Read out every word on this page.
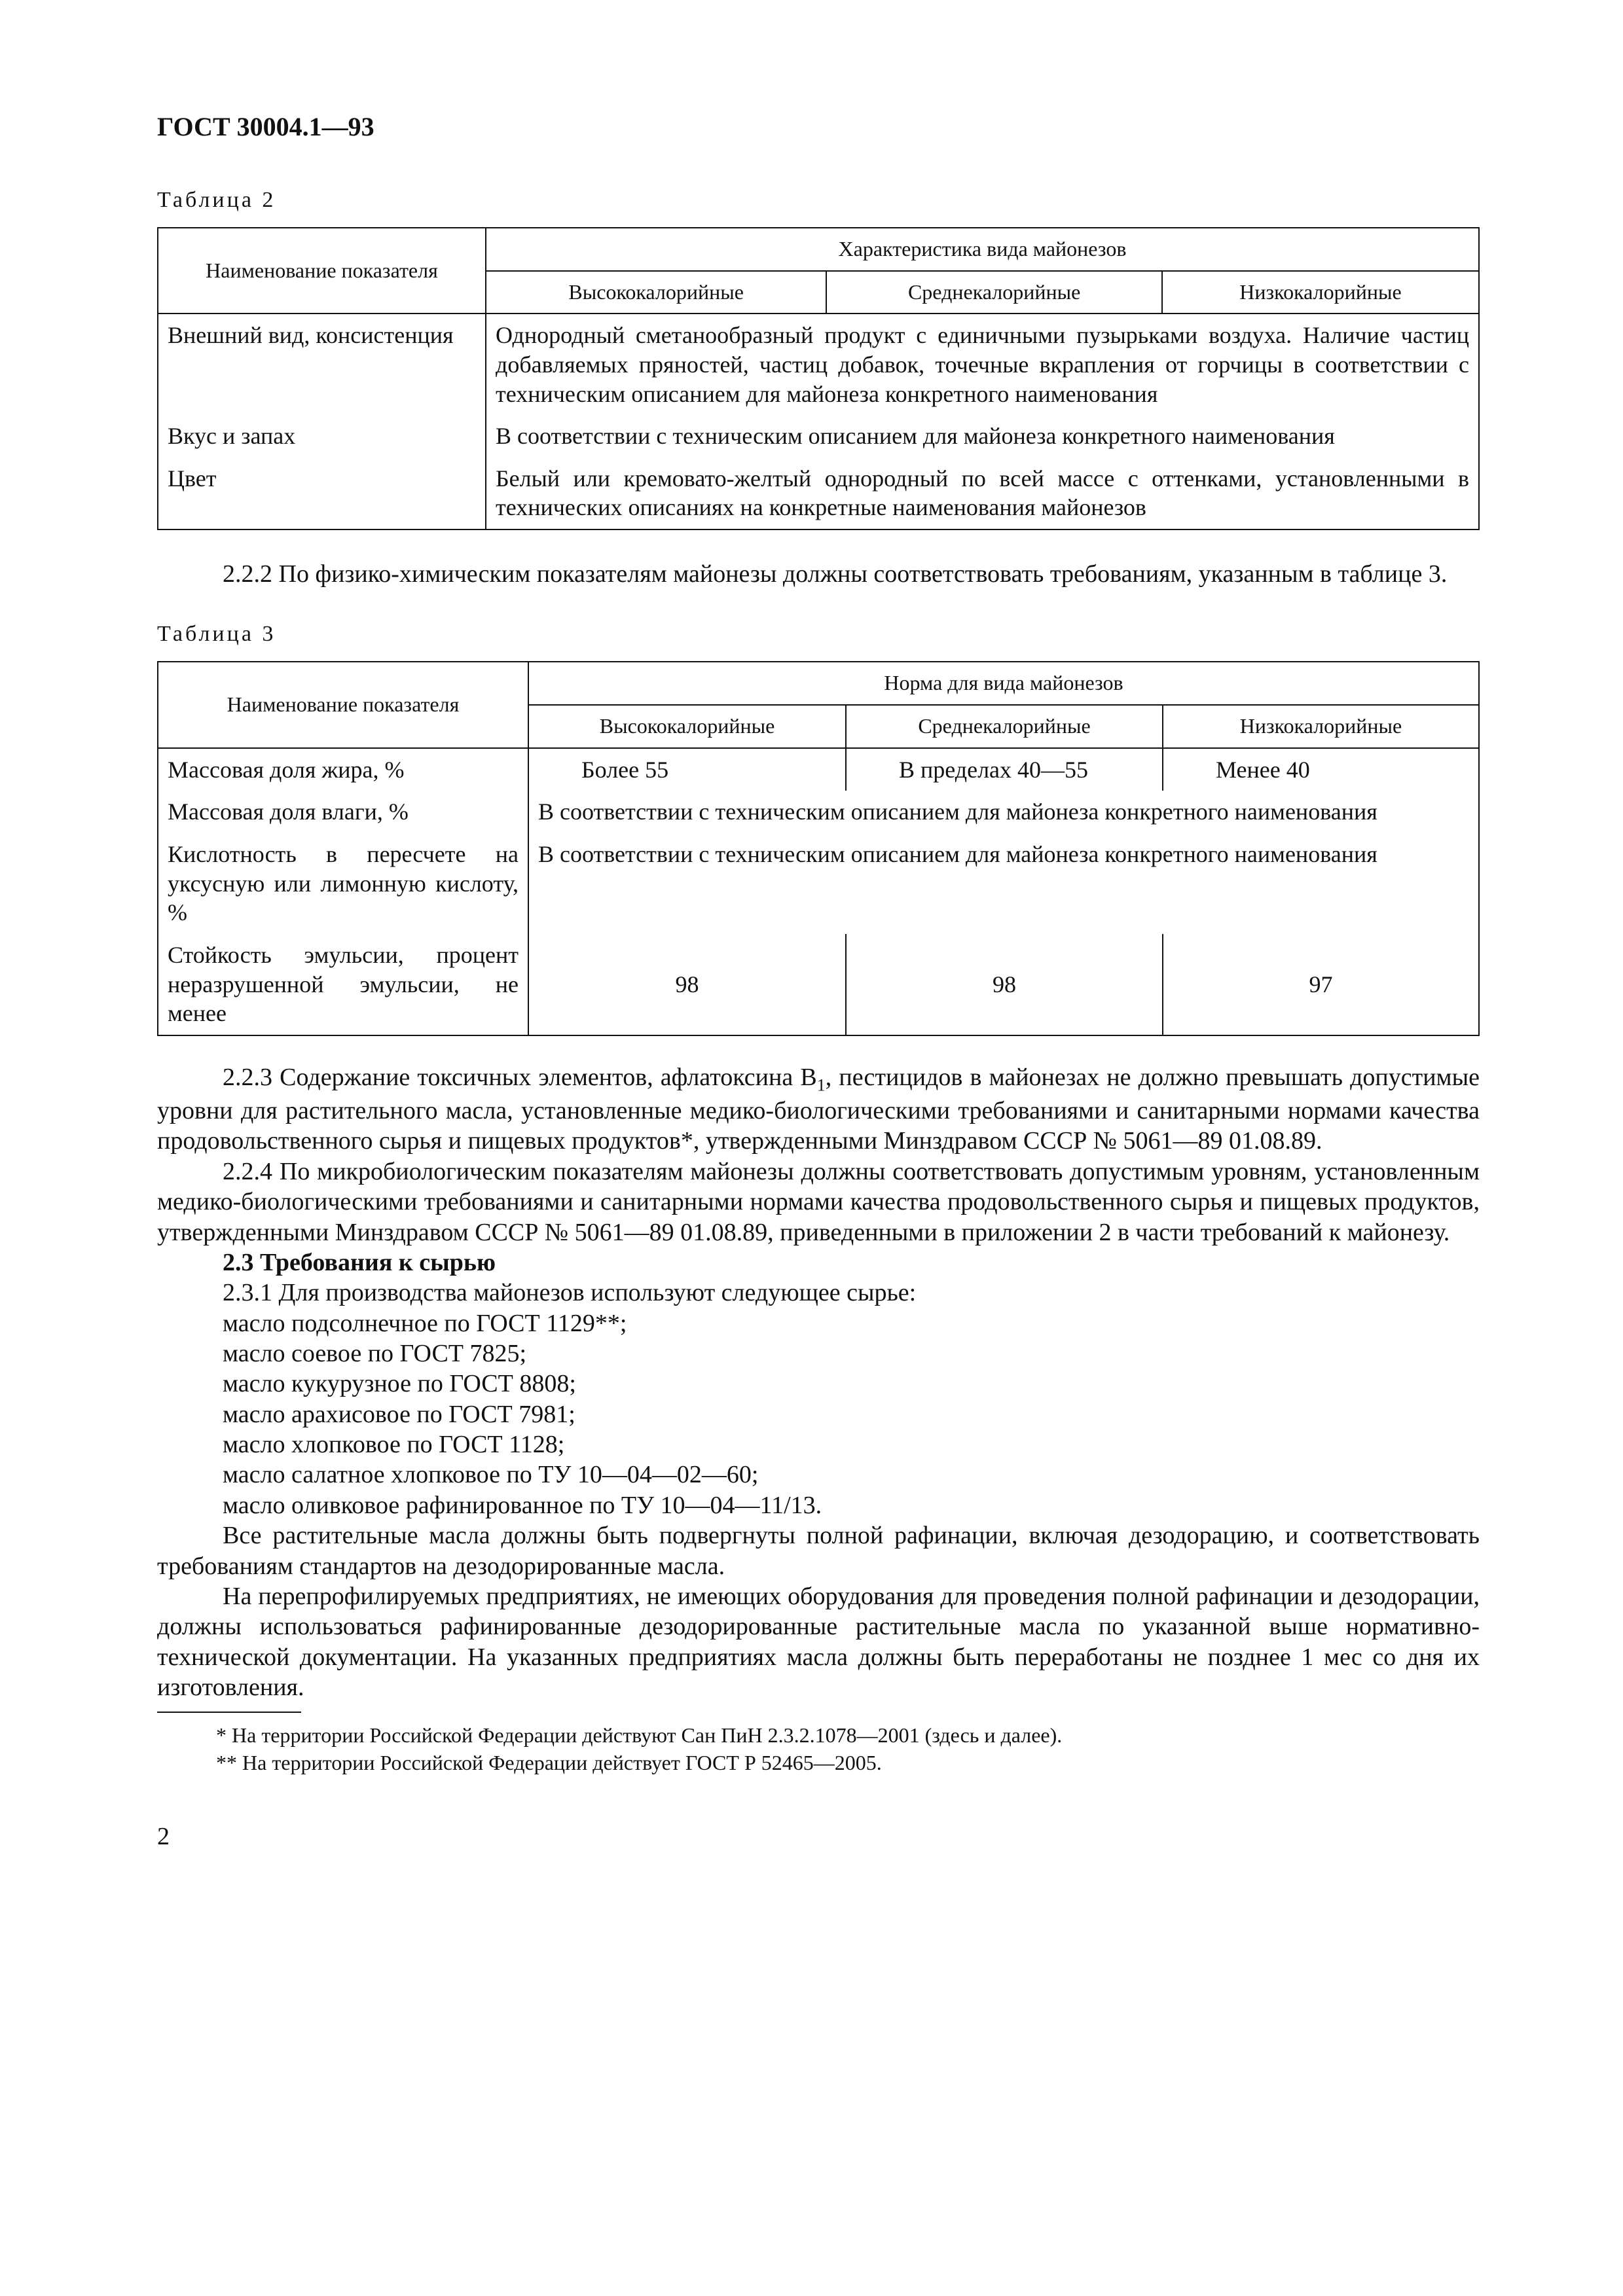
ГОСТ 30004.1—93
Таблица 2
Наименование показателя	Характеристика вида майонезов		
	Высококалорийные	Среднекалорийные	Низкокалорийные
Внешний вид, консистенция	Однородный сметанообразный продукт с единичными пузырьками воздуха. Наличие частиц добавляемых пряностей, частиц добавок, точечные вкрапления от горчицы в соответствии с техническим описанием для майонеза конкретного наименования		
Вкус и запах	В соответствии с техническим описанием для майонеза конкретного наименования		
Цвет	Белый или кремовато-желтый однородный по всей массе с оттенками, установленными в технических описаниях на конкретные наименования майонезов		

2.2.2 По физико-химическим показателям майонезы должны соответствовать требованиям, указанным в таблице 3.

Таблица 3
Наименование показателя	Норма для вида майонезов		
	Высококалорийные	Среднекалорийные	Низкокалорийные
Массовая доля жира, %	Более 55	В пределах 40—55	Менее 40
Массовая доля влаги, %	В соответствии с техническим описанием для майонеза конкретного наименования		
Кислотность в пересчете на уксусную или лимонную кислоту, %	В соответствии с техническим описанием для майонеза конкретного наименования		
Стойкость эмульсии, процент неразрушенной эмульсии, не менее	98	98	97

2.2.3 Содержание токсичных элементов, афлатоксина $B_1$, пестицидов в майонезах не должно превышать допустимые уровни для растительного масла, установленные медико-биологическими требованиями и санитарными нормами качества продовольственного сырья и пищевых продуктов*, утвержденными Минздравом СССР № 5061—89 01.08.89.

2.2.4 По микробиологическим показателям майонезы должны соответствовать допустимым уровням, установленным медико-биологическими требованиями и санитарными нормами качества продовольственного сырья и пищевых продуктов, утвержденными Минздравом СССР № 5061—89 01.08.89, приведенными в приложении 2 в части требований к майонезу.

2.3 Требования к сырью

2.3.1 Для производства майонезов используют следующее сырье:

масло подсолнечное по ГОСТ 1129**;

масло соевое по ГОСТ 7825;

масло кукурузное по ГОСТ 8808;

масло арахисовое по ГОСТ 7981;

масло хлопковое по ГОСТ 1128;

масло салатное хлопковое по ТУ 10—04—02—60;

масло оливковое рафинированное по ТУ 10—04—11/13.

Все растительные масла должны быть подвергнуты полной рафинации, включая дезодорацию, и соответствовать требованиям стандартов на дезодорированные масла.

На перепрофилируемых предприятиях, не имеющих оборудования для проведения полной рафинации и дезодорации, должны использоваться рафинированные дезодорированные растительные масла по указанной выше нормативно-технической документации. На указанных предприятиях масла должны быть переработаны не позднее 1 мес со дня их изготовления.

* На территории Российской Федерации действуют Сан ПиН 2.3.2.1078—2001 (здесь и далее).

** На территории Российской Федерации действует ГОСТ Р 52465—2005.

2
